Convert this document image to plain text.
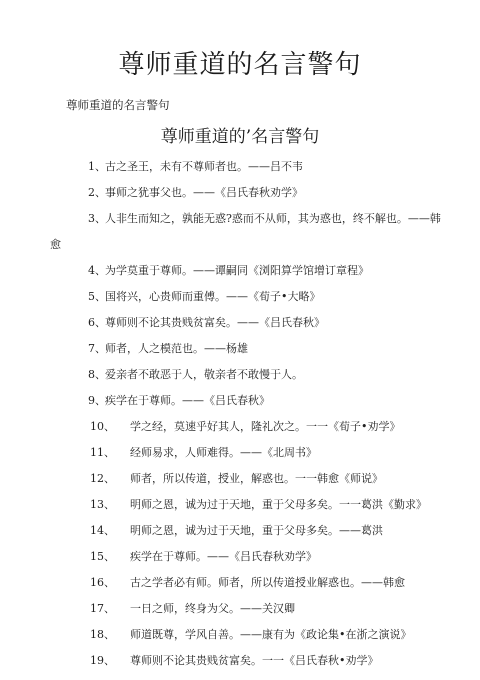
尊师重道的名言警句
尊师重道的名言警句
尊师重道的’名言警句
1、 古之圣王，未有不尊师者也。——吕不韦
2、 事师之犹事父也。——《吕氏春秋劝学》
3、 人非生而知之，孰能无惑?惑而不从师，其为惑也，终不解也。——韩
愈
4、 为学莫重于尊师。——谭嗣同《浏阳算学馆增订章程》
5、 国将兴，心贵师而重傅。——《荀子•大略》
6、 尊师则不论其贵贱贫富矣。——《吕氏春秋》
7、 师者，人之模范也。——杨雄
8、 爱亲者不敢恶于人，敬亲者不敢慢于人。
9、 疾学在于尊师。——《吕氏春秋》
10、 学之经，莫速乎好其人，隆礼次之。一一《荀子•劝学》
11、 经师易求，人师难得。——《北周书》
12、 师者，所以传道，授业，解惑也。一一韩愈《师说》
13、 明师之恩，诚为过于天地，重于父母多矣。一一葛洪《勤求》
14、 明师之恩，诚为过于天地，重于父母多矣。——葛洪
15、 疾学在于尊师。——《吕氏春秋劝学》
16、 古之学者必有师。师者，所以传道授业解惑也。——韩愈
17、 一日之师，终身为父。——关汉卿
18、 师道既尊，学风自善。——康有为《政论集•在浙之演说》
19、 尊师则不论其贵贱贫富矣。一一《吕氏春秋•劝学》
